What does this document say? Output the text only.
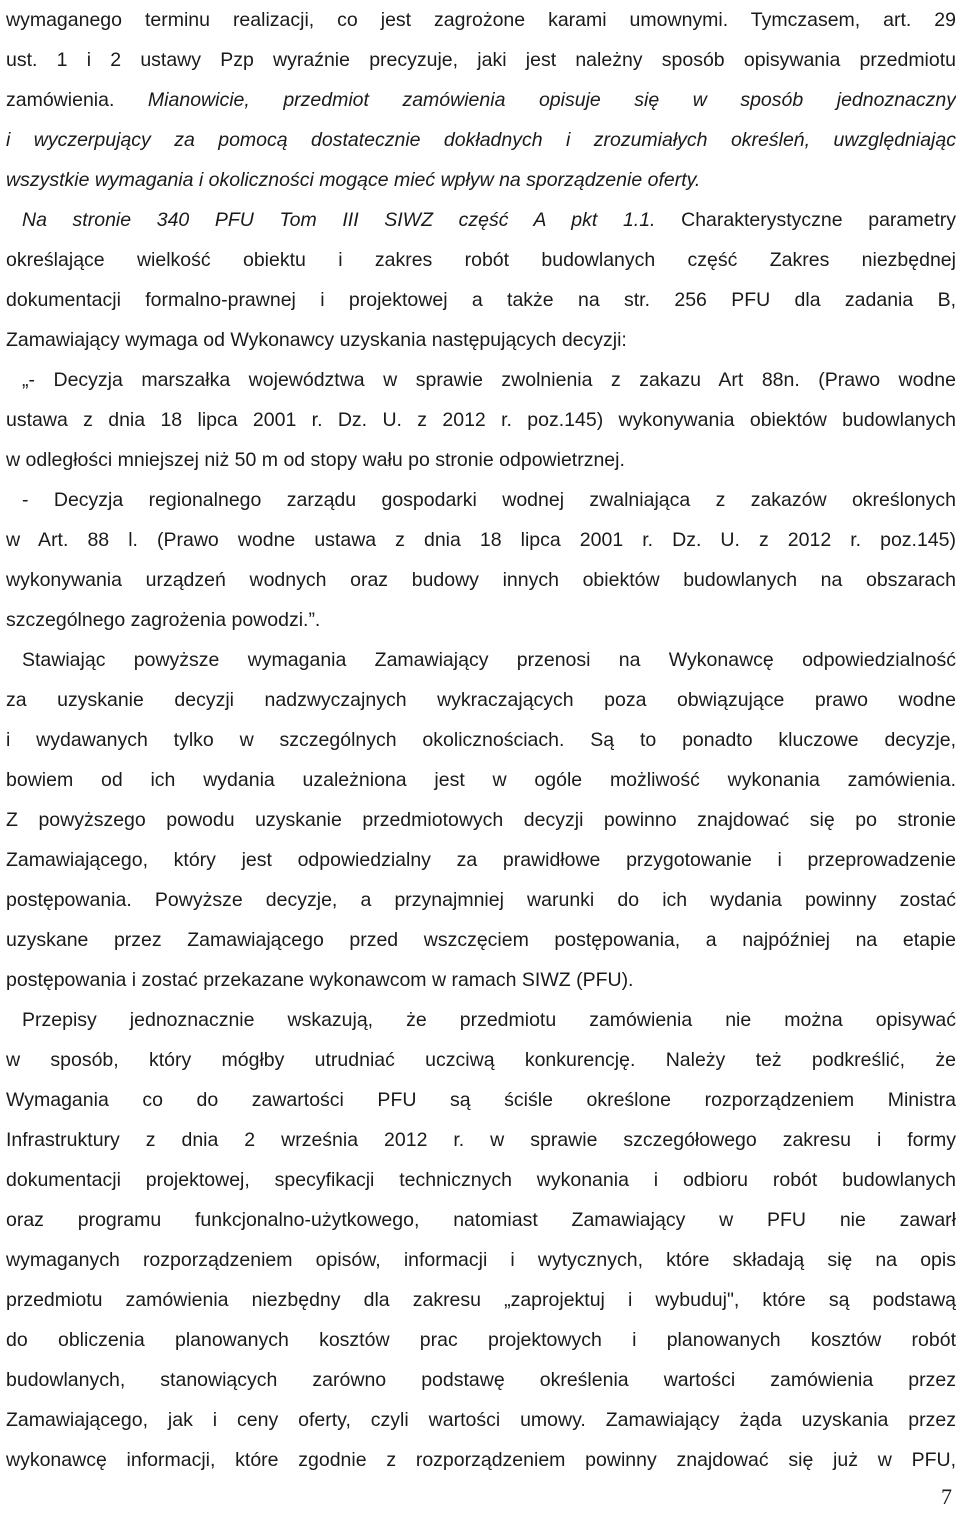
wymaganego terminu realizacji, co jest zagrożone karami umownymi. Tymczasem, art. 29
ust. 1 i 2 ustawy Pzp wyraźnie precyzuje, jaki jest należny sposób opisywania przedmiotu
zamówienia. Mianowicie, przedmiot zamówienia opisuje się w sposób jednoznaczny
i wyczerpujący za pomocą dostatecznie dokładnych i zrozumiałych określeń, uwzględniając
wszystkie wymagania i okoliczności mogące mieć wpływ na sporządzenie oferty.
Na stronie 340 PFU Tom III SIWZ część A pkt 1.1. Charakterystyczne parametry
określające wielkość obiektu i zakres robót budowlanych część Zakres niezbędnej
dokumentacji formalno-prawnej i projektowej a także na str. 256 PFU dla zadania B,
Zamawiający wymaga od Wykonawcy uzyskania następujących decyzji:
„- Decyzja marszałka województwa w sprawie zwolnienia z zakazu Art 88n. (Prawo wodne
ustawa z dnia 18 lipca 2001 r. Dz. U. z 2012 r. poz.145) wykonywania obiektów budowlanych
w odległości mniejszej niż 50 m od stopy wału po stronie odpowietrznej.
- Decyzja regionalnego zarządu gospodarki wodnej zwalniająca z zakazów określonych
w Art. 88 l. (Prawo wodne ustawa z dnia 18 lipca 2001 r. Dz. U. z 2012 r. poz.145)
wykonywania urządzeń wodnych oraz budowy innych obiektów budowlanych na obszarach
szczególnego zagrożenia powodzi.”.
Stawiając powyższe wymagania Zamawiający przenosi na Wykonawcę odpowiedzialność
za uzyskanie decyzji nadzwyczajnych wykraczających poza obwiązujące prawo wodne
i wydawanych tylko w szczególnych okolicznościach. Są to ponadto kluczowe decyzje,
bowiem od ich wydania uzależniona jest w ogóle możliwość wykonania zamówienia.
Z powyższego powodu uzyskanie przedmiotowych decyzji powinno znajdować się po stronie
Zamawiającego, który jest odpowiedzialny za prawidłowe przygotowanie i przeprowadzenie
postępowania. Powyższe decyzje, a przynajmniej warunki do ich wydania powinny zostać
uzyskane przez Zamawiającego przed wszczęciem postępowania, a najpóźniej na etapie
postępowania i zostać przekazane wykonawcom w ramach SIWZ (PFU).
Przepisy jednoznacznie wskazują, że przedmiotu zamówienia nie można opisywać
w sposób, który mógłby utrudniać uczciwą konkurencję. Należy też podkreślić, że
Wymagania co do zawartości PFU są ściśle określone rozporządzeniem Ministra
Infrastruktury z dnia 2 września 2012 r. w sprawie szczegółowego zakresu i formy
dokumentacji projektowej, specyfikacji technicznych wykonania i odbioru robót budowlanych
oraz programu funkcjonalno-użytkowego, natomiast Zamawiający w PFU nie zawarł
wymaganych rozporządzeniem opisów, informacji i wytycznych, które składają się na opis
przedmiotu zamówienia niezbędny dla zakresu „zaprojektuj i wybuduj", które są podstawą
do obliczenia planowanych kosztów prac projektowych i planowanych kosztów robót
budowlanych, stanowiących zarówno podstawę określenia wartości zamówienia przez
Zamawiającego, jak i ceny oferty, czyli wartości umowy. Zamawiający żąda uzyskania przez
wykonawcę informacji, które zgodnie z rozporządzeniem powinny znajdować się już w PFU,
7
